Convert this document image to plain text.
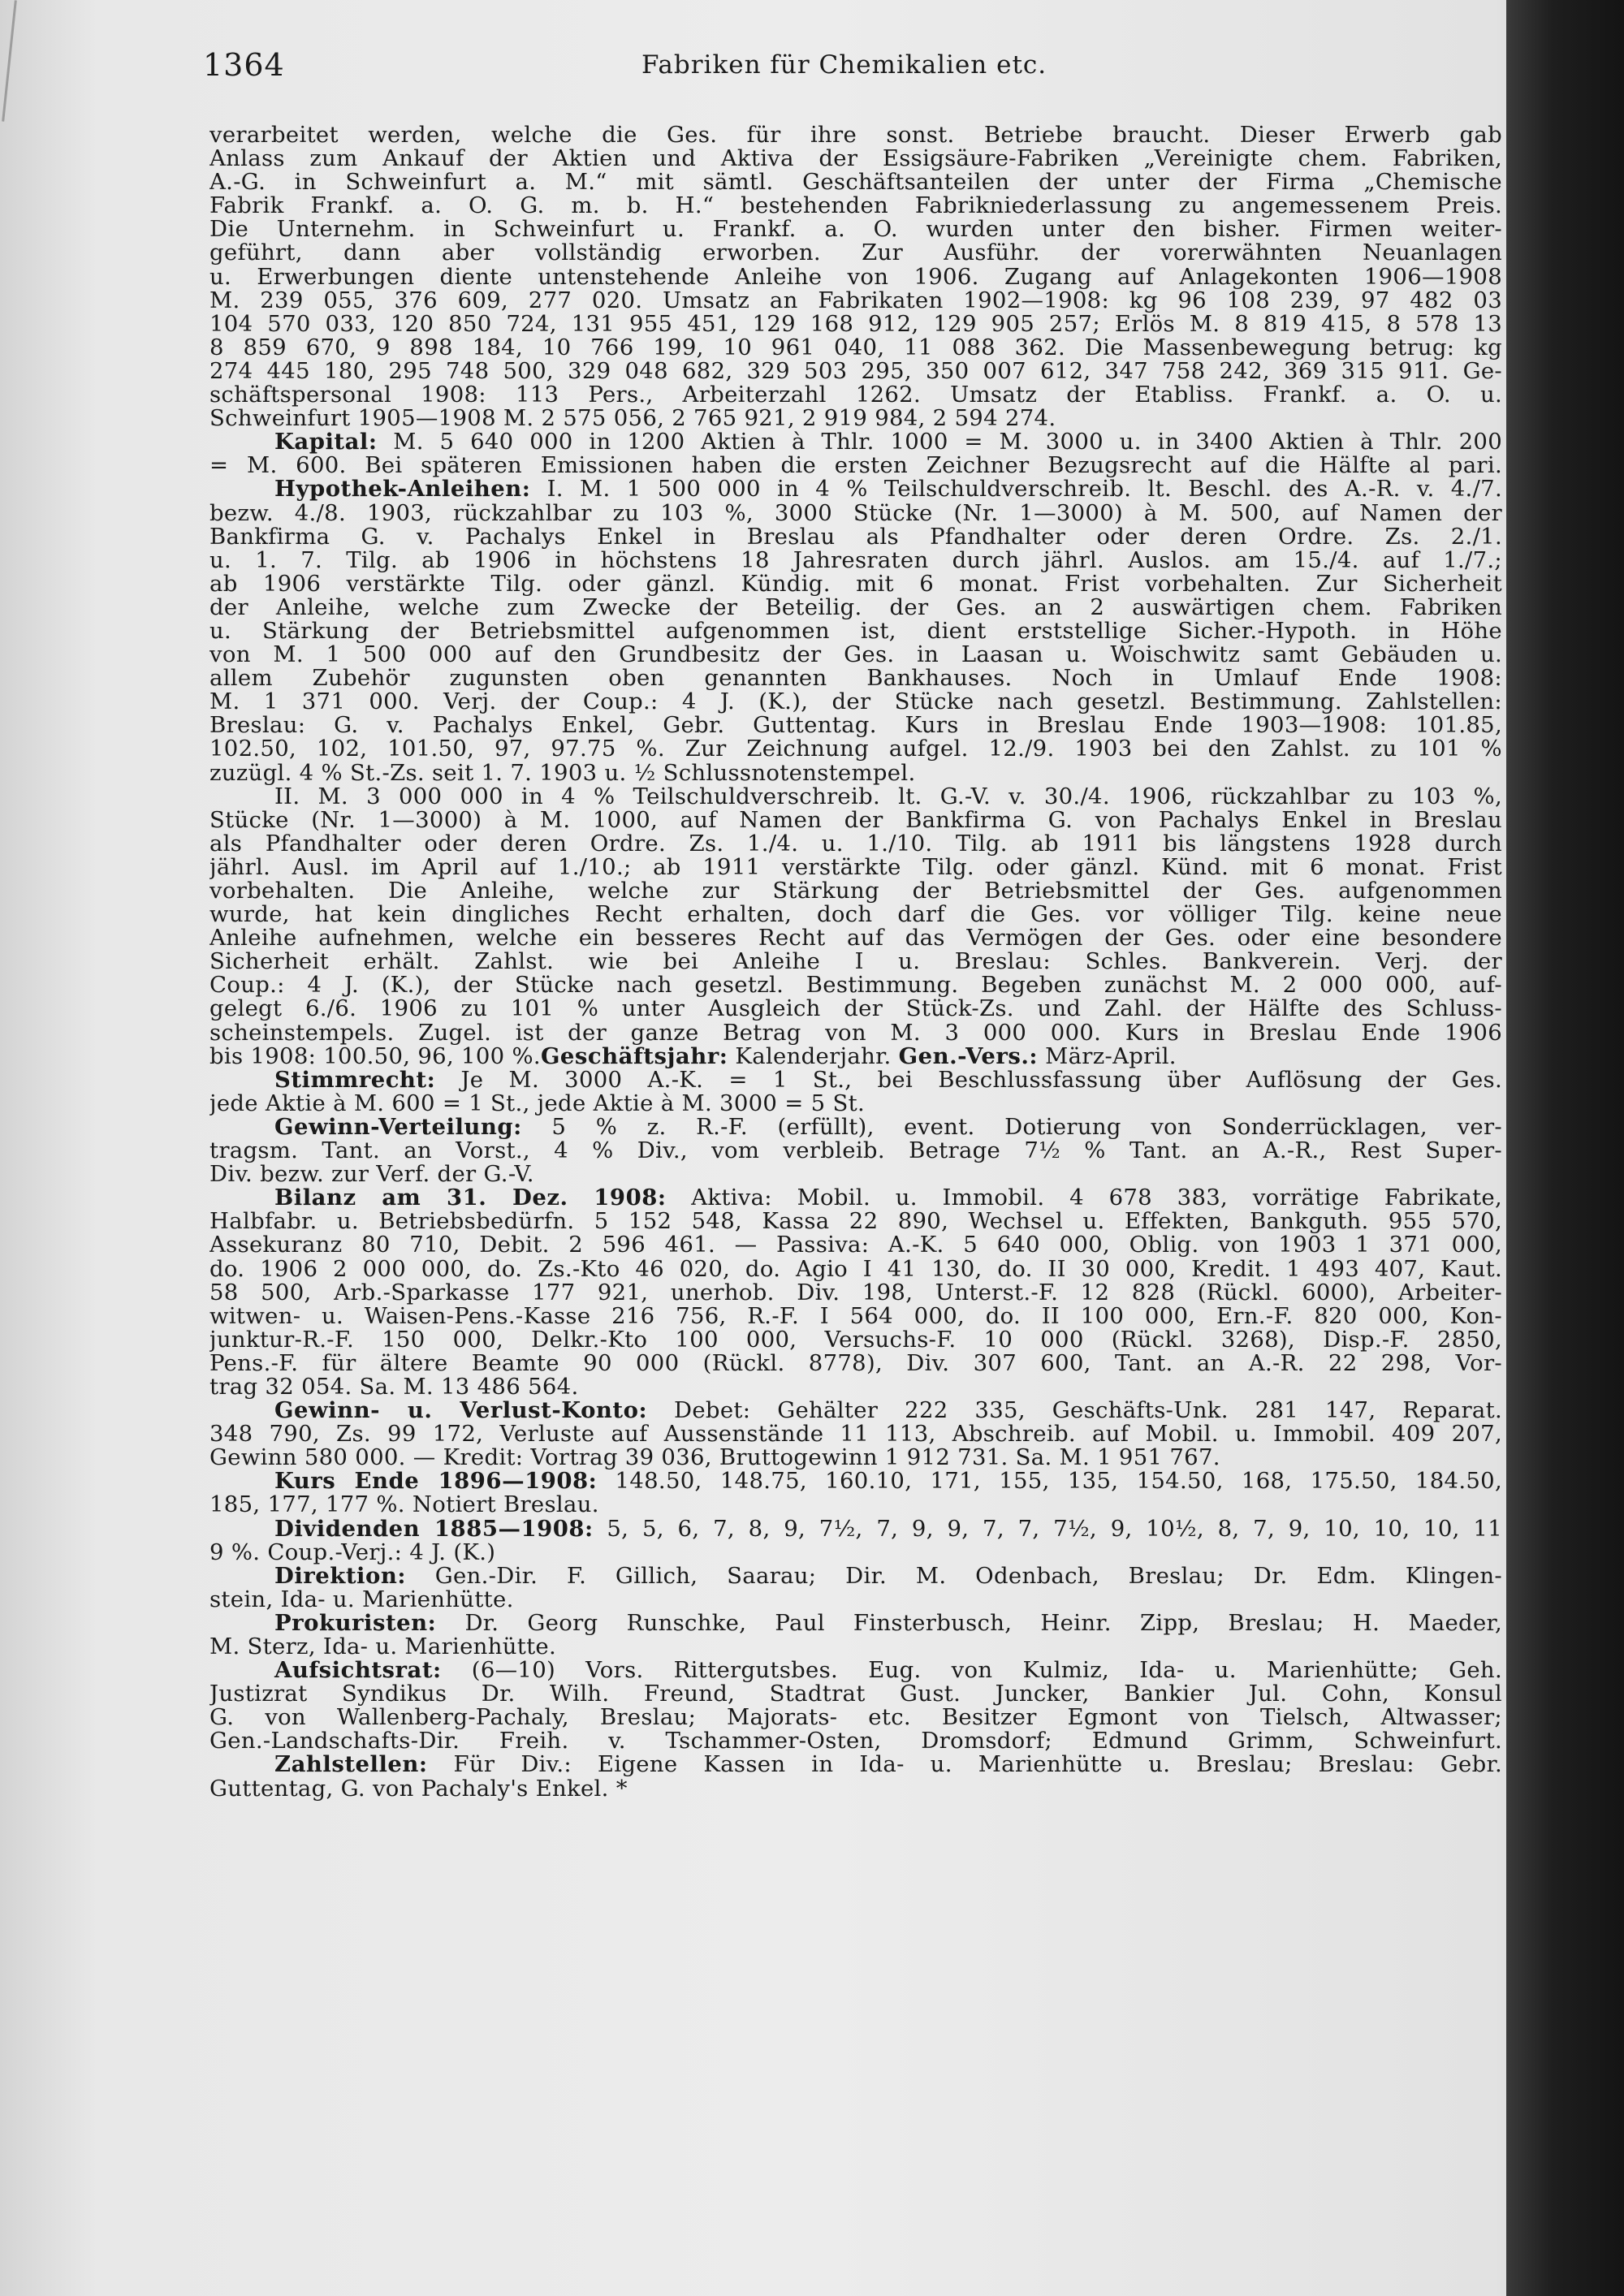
1364	Fabriken für Chemikalien etc.
verarbeitet werden, welche die Ges. für ihre sonst. Betriebe braucht. Dieser Erwerb gab
Anlass zum Ankauf der Aktien und Aktiva der Essigsäure-Fabriken „Vereinigte chem. Fabriken,
A.-G. in Schweinfurt a. M.“ mit sämtl. Geschäftsanteilen der unter der Firma „Chemische
Fabrik Frankf. a. O. G. m. b. H.“ bestehenden Fabrikniederlassung zu angemessenem Preis.
Die Unternehm. in Schweinfurt u. Frankf. a. O. wurden unter den bisher. Firmen weiter-
geführt, dann aber vollständig erworben. Zur Ausführ. der vorerwähnten Neuanlagen
u. Erwerbungen diente untenstehende Anleihe von 1906. Zugang auf Anlagekonten 1906—1908
M. 239 055, 376 609, 277 020. Umsatz an Fabrikaten 1902—1908: kg 96 108 239, 97 482 03
104 570 033, 120 850 724, 131 955 451, 129 168 912, 129 905 257; Erlös M. 8 819 415, 8 578 13
8 859 670, 9 898 184, 10 766 199, 10 961 040, 11 088 362. Die Massenbewegung betrug: kg
274 445 180, 295 748 500, 329 048 682, 329 503 295, 350 007 612, 347 758 242, 369 315 911. Ge-
schäftspersonal 1908: 113 Pers., Arbeiterzahl 1262. Umsatz der Etabliss. Frankf. a. O. u.
Schweinfurt 1905—1908 M. 2 575 056, 2 765 921, 2 919 984, 2 594 274.
Kapital: M. 5 640 000 in 1200 Aktien à Thlr. 1000 = M. 3000 u. in 3400 Aktien à Thlr. 200
= M. 600. Bei späteren Emissionen haben die ersten Zeichner Bezugsrecht auf die Hälfte al pari.
Hypothek-Anleihen: I. M. 1 500 000 in 4 % Teilschuldverschreib. lt. Beschl. des A.-R. v. 4./7.
bezw. 4./8. 1903, rückzahlbar zu 103 %, 3000 Stücke (Nr. 1—3000) à M. 500, auf Namen der
Bankfirma G. v. Pachalys Enkel in Breslau als Pfandhalter oder deren Ordre. Zs. 2./1.
u. 1. 7. Tilg. ab 1906 in höchstens 18 Jahresraten durch jährl. Auslos. am 15./4. auf 1./7.;
ab 1906 verstärkte Tilg. oder gänzl. Kündig. mit 6 monat. Frist vorbehalten. Zur Sicherheit
der Anleihe, welche zum Zwecke der Beteilig. der Ges. an 2 auswärtigen chem. Fabriken
u. Stärkung der Betriebsmittel aufgenommen ist, dient erststellige Sicher.-Hypoth. in Höhe
von M. 1 500 000 auf den Grundbesitz der Ges. in Laasan u. Woischwitz samt Gebäuden u.
allem Zubehör zugunsten oben genannten Bankhauses. Noch in Umlauf Ende 1908:
M. 1 371 000. Verj. der Coup.: 4 J. (K.), der Stücke nach gesetzl. Bestimmung. Zahlstellen:
Breslau: G. v. Pachalys Enkel, Gebr. Guttentag. Kurs in Breslau Ende 1903—1908: 101.85,
102.50, 102, 101.50, 97, 97.75 %. Zur Zeichnung aufgel. 12./9. 1903 bei den Zahlst. zu 101 %
zuzügl. 4 % St.-Zs. seit 1. 7. 1903 u. ½ Schlussnotenstempel.
II. M. 3 000 000 in 4 % Teilschuldverschreib. lt. G.-V. v. 30./4. 1906, rückzahlbar zu 103 %,
Stücke (Nr. 1—3000) à M. 1000, auf Namen der Bankfirma G. von Pachalys Enkel in Breslau
als Pfandhalter oder deren Ordre. Zs. 1./4. u. 1./10. Tilg. ab 1911 bis längstens 1928 durch
jährl. Ausl. im April auf 1./10.; ab 1911 verstärkte Tilg. oder gänzl. Künd. mit 6 monat. Frist
vorbehalten. Die Anleihe, welche zur Stärkung der Betriebsmittel der Ges. aufgenommen
wurde, hat kein dingliches Recht erhalten, doch darf die Ges. vor völliger Tilg. keine neue
Anleihe aufnehmen, welche ein besseres Recht auf das Vermögen der Ges. oder eine besondere
Sicherheit erhält. Zahlst. wie bei Anleihe I u. Breslau: Schles. Bankverein. Verj. der
Coup.: 4 J. (K.), der Stücke nach gesetzl. Bestimmung. Begeben zunächst M. 2 000 000, auf-
gelegt 6./6. 1906 zu 101 % unter Ausgleich der Stück-Zs. und Zahl. der Hälfte des Schluss-
scheinstempels. Zugel. ist der ganze Betrag von M. 3 000 000. Kurs in Breslau Ende 1906
bis 1908: 100.50, 96, 100 %.Geschäftsjahr: Kalenderjahr. Gen.-Vers.: März-April.
Stimmrecht: Je M. 3000 A.-K. = 1 St., bei Beschlussfassung über Auflösung der Ges.
jede Aktie à M. 600 = 1 St., jede Aktie à M. 3000 = 5 St.
Gewinn-Verteilung: 5 % z. R.-F. (erfüllt), event. Dotierung von Sonderrücklagen, ver-
tragsm. Tant. an Vorst., 4 % Div., vom verbleib. Betrage 7½ % Tant. an A.-R., Rest Super-
Div. bezw. zur Verf. der G.-V.
Bilanz am 31. Dez. 1908: Aktiva: Mobil. u. Immobil. 4 678 383, vorrätige Fabrikate,
Halbfabr. u. Betriebsbedürfn. 5 152 548, Kassa 22 890, Wechsel u. Effekten, Bankguth. 955 570,
Assekuranz 80 710, Debit. 2 596 461. — Passiva: A.-K. 5 640 000, Oblig. von 1903 1 371 000,
do. 1906 2 000 000, do. Zs.-Kto 46 020, do. Agio I 41 130, do. II 30 000, Kredit. 1 493 407, Kaut.
58 500, Arb.-Sparkasse 177 921, unerhob. Div. 198, Unterst.-F. 12 828 (Rückl. 6000), Arbeiter-
witwen- u. Waisen-Pens.-Kasse 216 756, R.-F. I 564 000, do. II 100 000, Ern.-F. 820 000, Kon-
junktur-R.-F. 150 000, Delkr.-Kto 100 000, Versuchs-F. 10 000 (Rückl. 3268), Disp.-F. 2850,
Pens.-F. für ältere Beamte 90 000 (Rückl. 8778), Div. 307 600, Tant. an A.-R. 22 298, Vor-
trag 32 054. Sa. M. 13 486 564.
Gewinn- u. Verlust-Konto: Debet: Gehälter 222 335, Geschäfts-Unk. 281 147, Reparat.
348 790, Zs. 99 172, Verluste auf Aussenstände 11 113, Abschreib. auf Mobil. u. Immobil. 409 207,
Gewinn 580 000. — Kredit: Vortrag 39 036, Bruttogewinn 1 912 731. Sa. M. 1 951 767.
Kurs Ende 1896—1908: 148.50, 148.75, 160.10, 171, 155, 135, 154.50, 168, 175.50, 184.50,
185, 177, 177 %. Notiert Breslau.
Dividenden 1885—1908: 5, 5, 6, 7, 8, 9, 7½, 7, 9, 9, 7, 7, 7½, 9, 10½, 8, 7, 9, 10, 10, 10, 11
9 %. Coup.-Verj.: 4 J. (K.)
Direktion: Gen.-Dir. F. Gillich, Saarau; Dir. M. Odenbach, Breslau; Dr. Edm. Klingen-
stein, Ida- u. Marienhütte.
Prokuristen: Dr. Georg Runschke, Paul Finsterbusch, Heinr. Zipp, Breslau; H. Maeder,
M. Sterz, Ida- u. Marienhütte.
Aufsichtsrat: (6—10) Vors. Rittergutsbes. Eug. von Kulmiz, Ida- u. Marienhütte; Geh.
Justizrat Syndikus Dr. Wilh. Freund, Stadtrat Gust. Juncker, Bankier Jul. Cohn, Konsul
G. von Wallenberg-Pachaly, Breslau; Majorats- etc. Besitzer Egmont von Tielsch, Altwasser;
Gen.-Landschafts-Dir. Freih. v. Tschammer-Osten, Dromsdorf; Edmund Grimm, Schweinfurt.
Zahlstellen: Für Div.: Eigene Kassen in Ida- u. Marienhütte u. Breslau; Breslau: Gebr.
Guttentag, G. von Pachaly's Enkel. *
